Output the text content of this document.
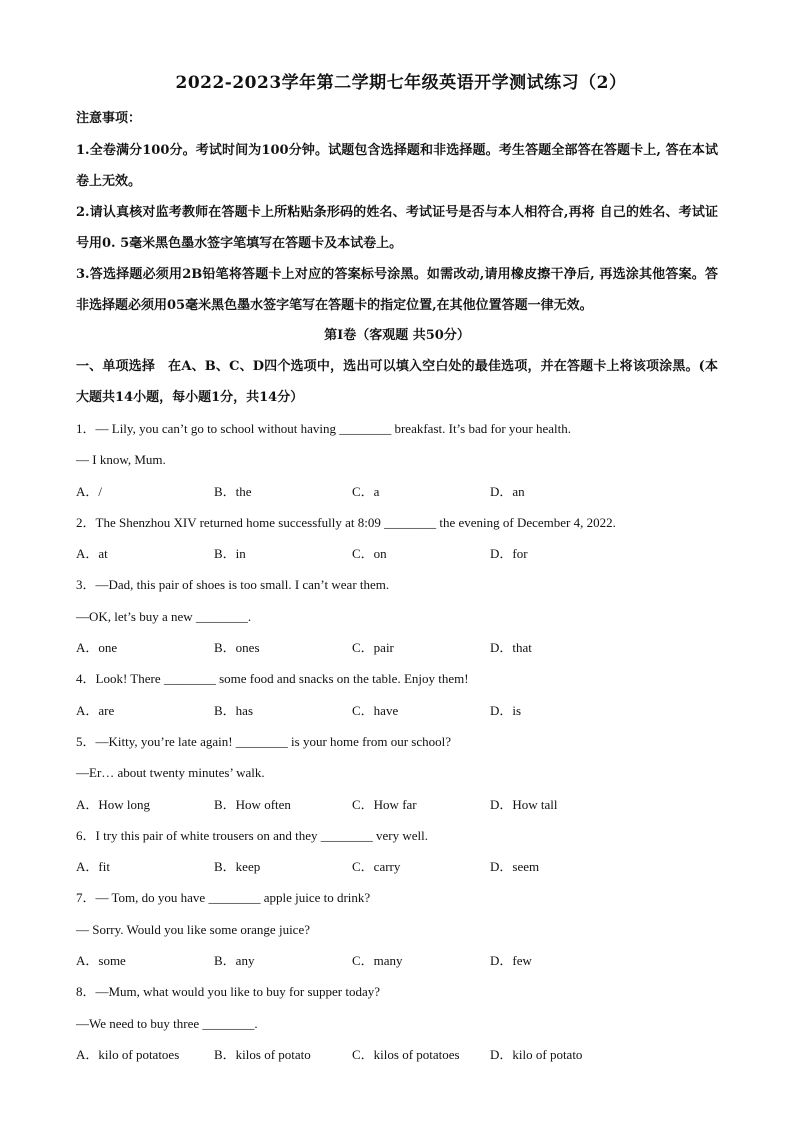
2022-2023学年第二学期七年级英语开学测试练习（2）
注意事项：

1.全卷满分100分。考试时间为100分钟。试题包含选择题和非选择题。考生答题全部答在答题卡上, 答在本试卷上无效。

2.请认真核对监考教师在答题卡上所粘贴条形码的姓名、考试证号是否与本人相符合,再将 自己的姓名、考试证号用0. 5毫米黑色墨水签字笔填写在答题卡及本试卷上。

3.答选择题必须用2B铅笔将答题卡上对应的答案标号涂黑。如需改动,请用橡皮擦干净后, 再选涂其他答案。答非选择题必须用05毫米黑色墨水签字笔写在答题卡的指定位置,在其他位置答题一律无效。

第I卷（客观题 共50分）

一、单项选择　在A、B、C、D四个选项中，选出可以填入空白处的最佳选项，并在答题卡上将该项涂黑。(本大题共14小题，每小题1分，共14分）

1．— Lily, you can’t go to school without having ________ breakfast. It’s bad for your health.
— I know, Mum.
A．/	B．the	C．a	D．an
2．The Shenzhou XIV returned home successfully at 8:09 ________ the evening of December 4, 2022.
A．at	B．in	C．on	D．for
3．—Dad, this pair of shoes is too small. I can’t wear them.
—OK, let’s buy a new ________.
A．one	B．ones	C．pair	D．that
4．Look! There ________ some food and snacks on the table. Enjoy them!
A．are	B．has	C．have	D．is
5．—Kitty, you’re late again! ________ is your home from our school?
—Er… about twenty minutes’ walk.
A．How long	B．How often	C．How far	D．How tall
6．I try this pair of white trousers on and they ________ very well.
A．fit	B．keep	C．carry	D．seem
7．— Tom, do you have ________ apple juice to drink?
— Sorry. Would you like some orange juice?
A．some	B．any	C．many	D．few
8．—Mum, what would you like to buy for supper today?
—We need to buy three ________.
A．kilo of potatoes	B．kilos of potato	C．kilos of potatoes	D．kilo of potato
